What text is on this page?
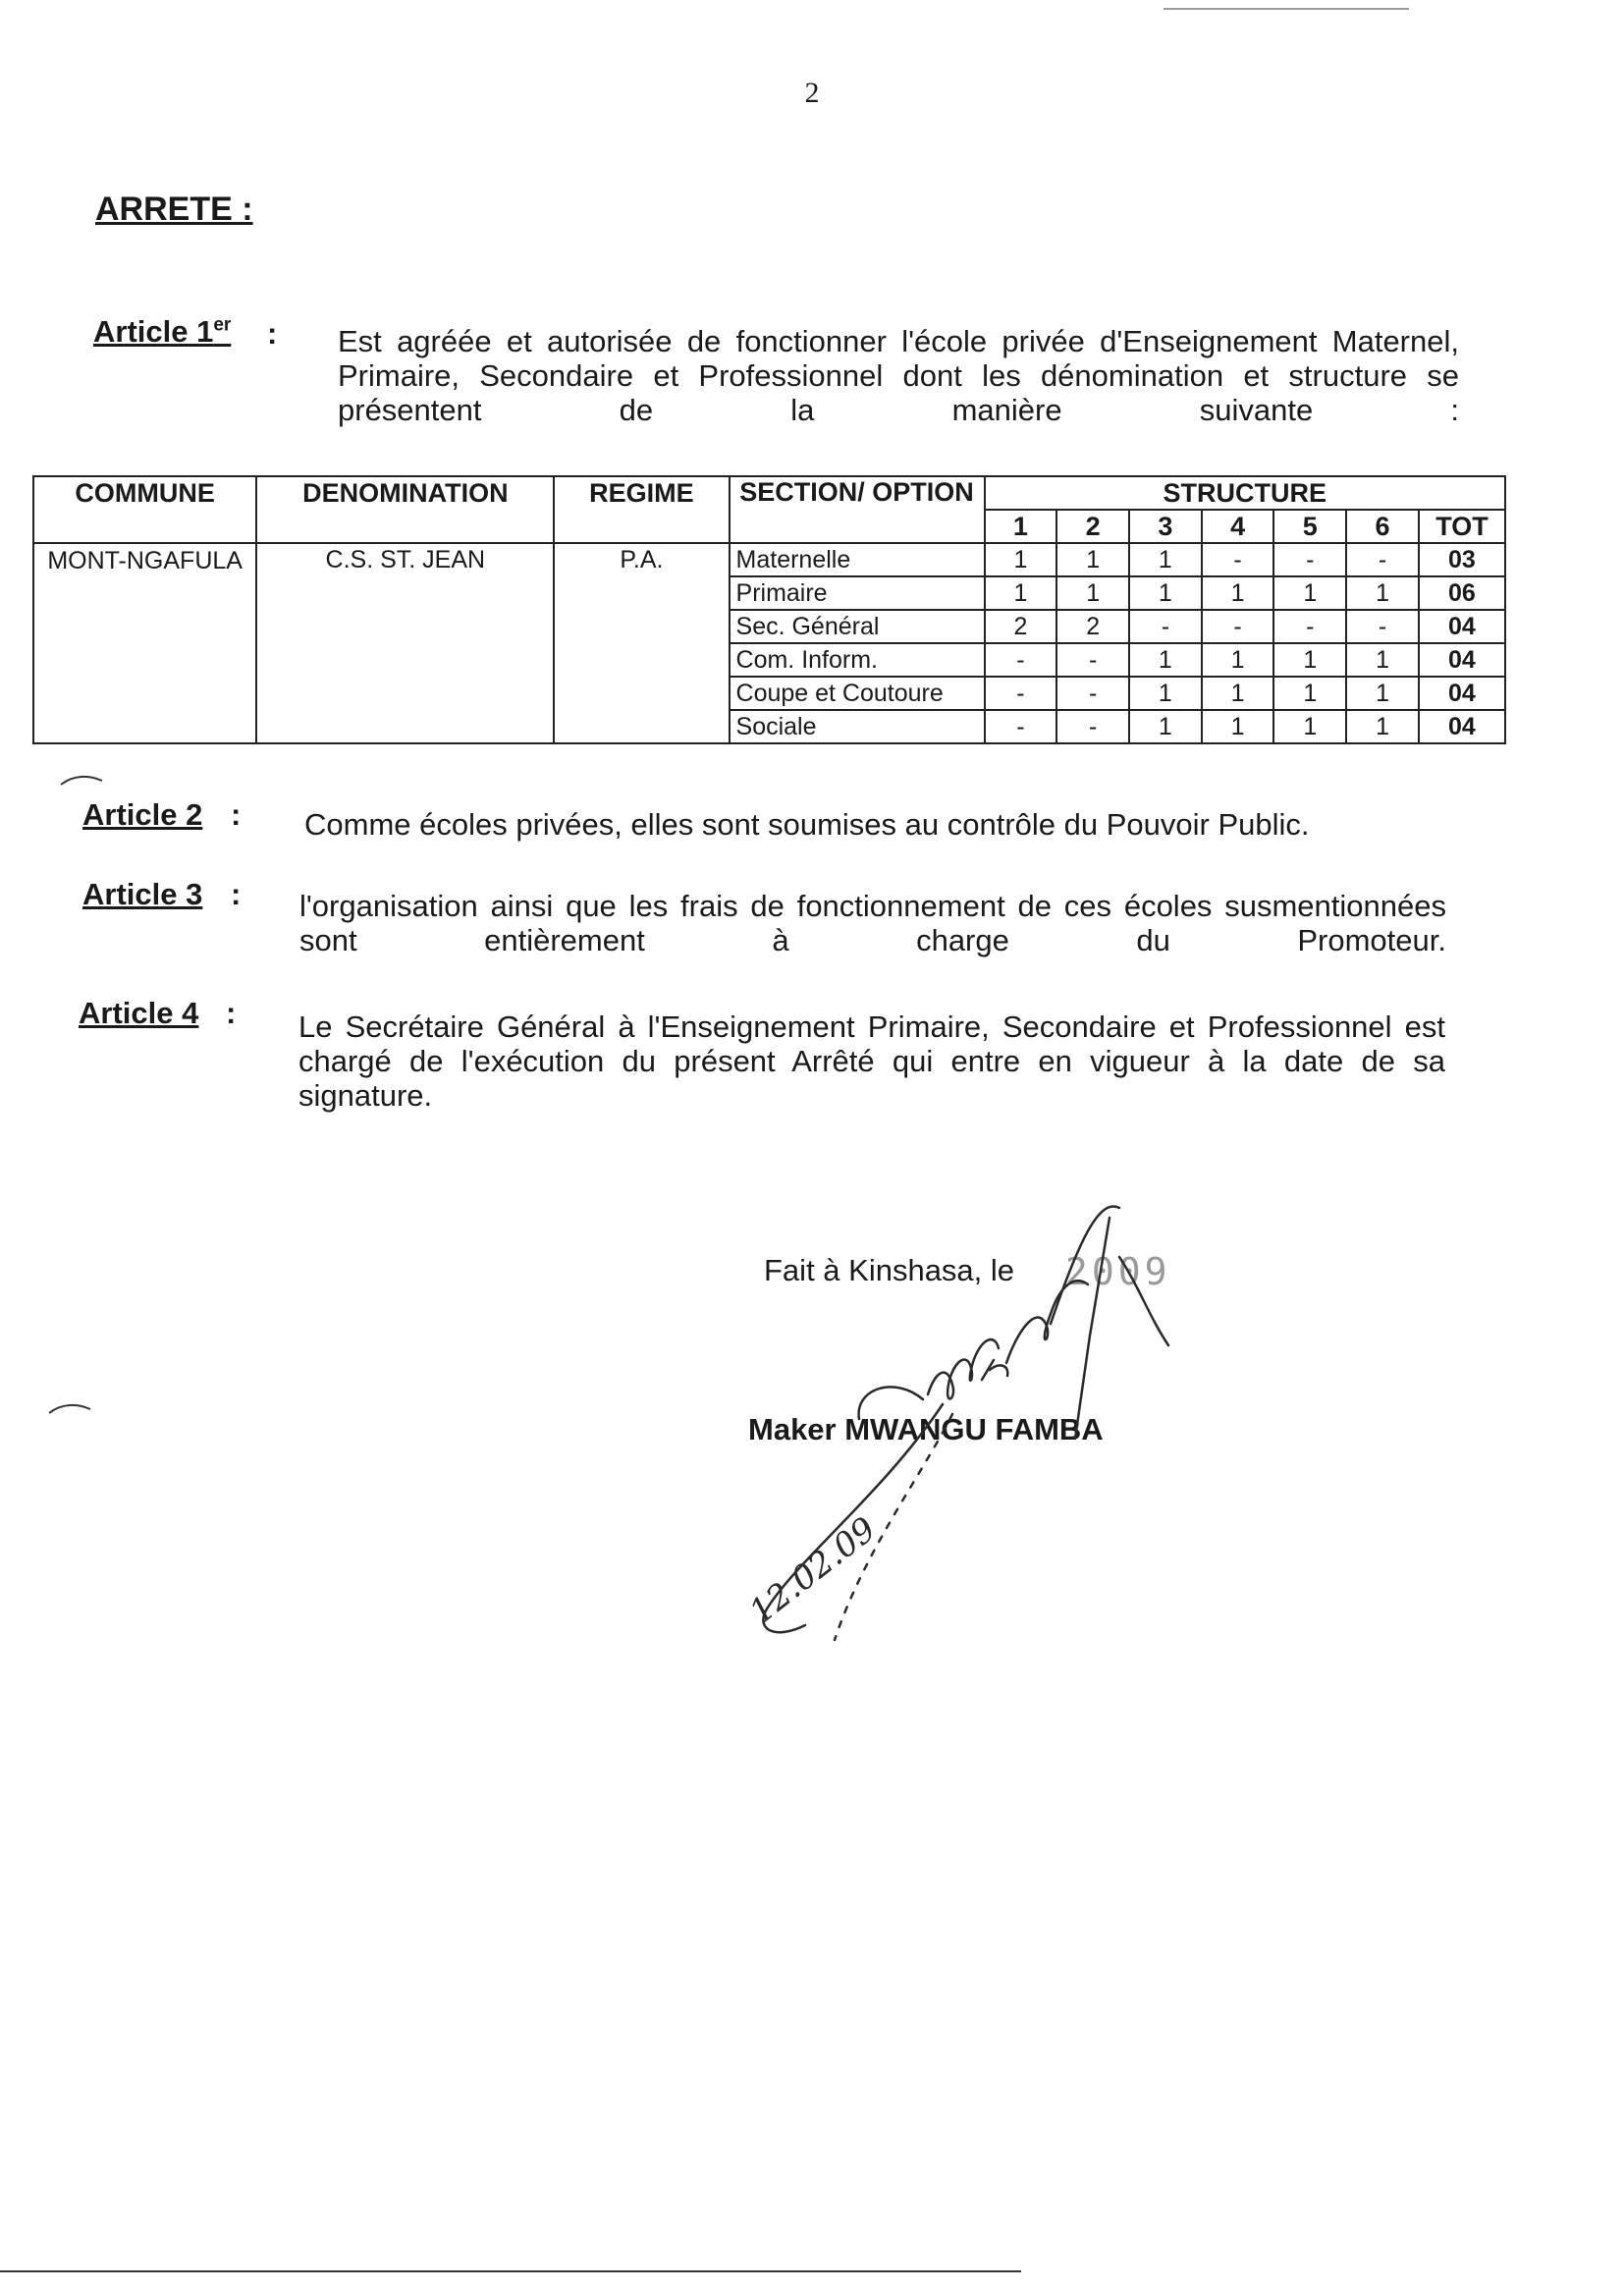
2
ARRETE :
Article 1er : Est agréée et autorisée de fonctionner l'école privée d'Enseignement Maternel, Primaire, Secondaire et Professionnel dont les dénomination et structure se présentent de la manière suivante :
COMMUNE	DENOMINATION	REGIME	SECTION/ OPTION	STRUCTURE						
				1	2	3	4	5	6	TOT
MONT-NGAFULA	C.S. ST. JEAN	P.A.	Maternelle	1	1	1	-	-	-	03
			Primaire	1	1	1	1	1	1	06
			Sec. Général	2	2	-	-	-	-	04
			Com. Inform.	-	-	1	1	1	1	04
			Coupe et Coutoure	-	-	1	1	1	1	04
			Sociale	-	-	1	1	1	1	04
Article 2 : Comme écoles privées, elles sont soumises au contrôle du Pouvoir Public.
Article 3 : l'organisation ainsi que les frais de fonctionnement de ces écoles susmentionnées sont entièrement à charge du Promoteur.
Article 4 : Le Secrétaire Général à l'Enseignement Primaire, Secondaire et Professionnel est chargé de l'exécution du présent Arrêté qui entre en vigueur à la date de sa signature.
Fait à Kinshasa, le 2009
Maker MWANGU FAMBA
12.02.09
